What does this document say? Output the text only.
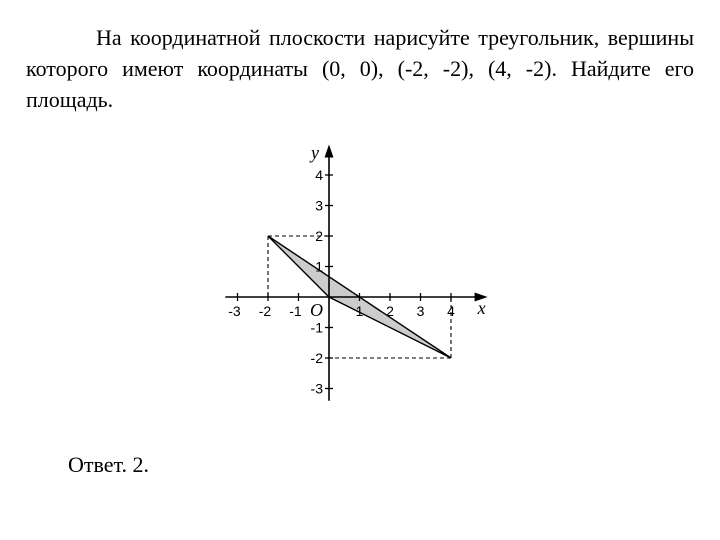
На координатной плоскости нарисуйте треугольник, вершины которого имеют координаты (0, 0), (-2, -2), (4, -2). Найдите его площадь.

-3 -2 -1	1 2 3 4
4
3
2
1
-1
-2
-3
x
y
O
Ответ. 2.
